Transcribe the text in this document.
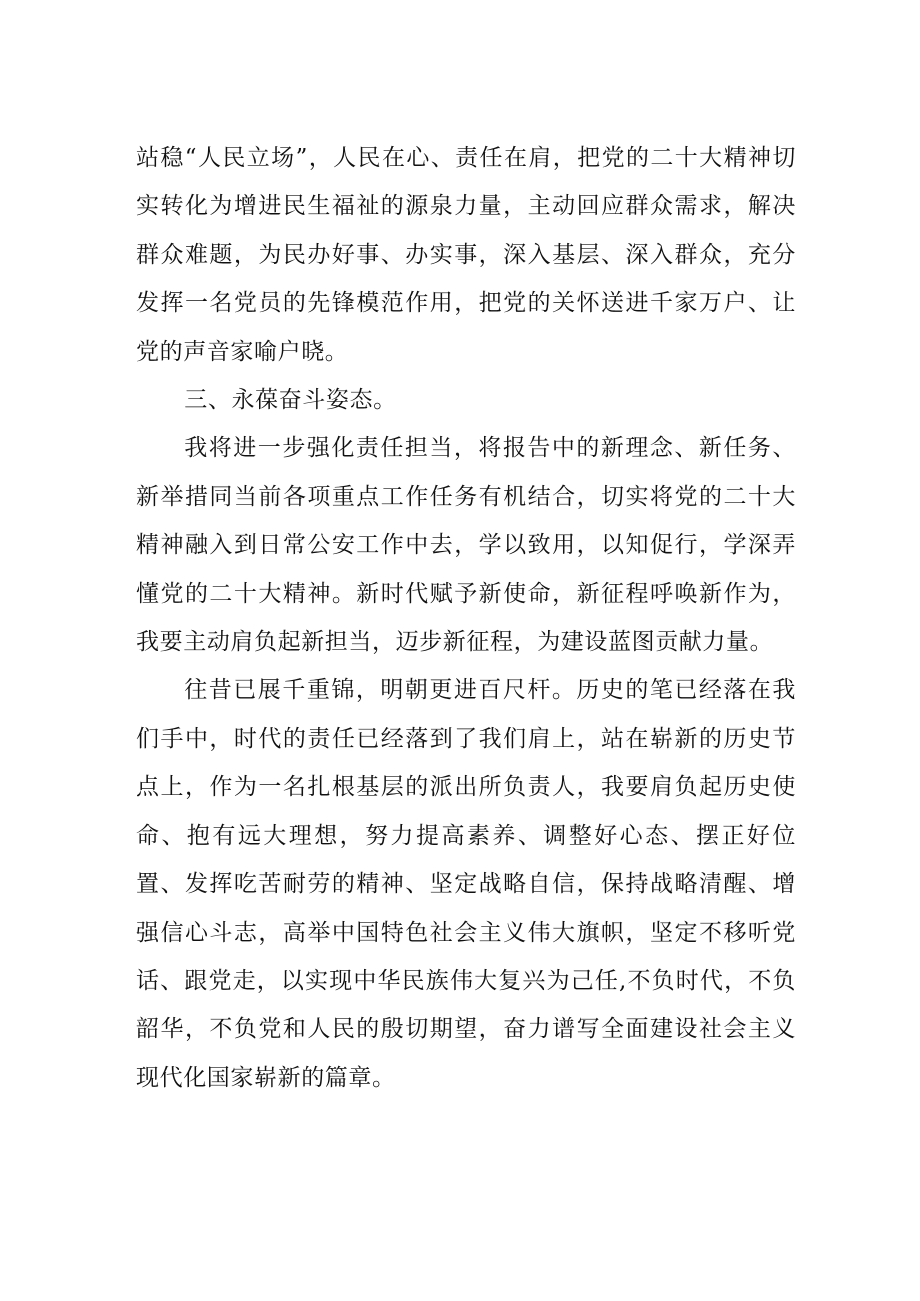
站稳“人民立场”，人民在心、责任在肩，把党的二十大精神切实转化为增进民生福祉的源泉力量，主动回应群众需求，解决群众难题，为民办好事、办实事，深入基层、深入群众，充分发挥一名党员的先锋模范作用，把党的关怀送进千家万户、让党的声音家喻户晓。

三、永葆奋斗姿态。

我将进一步强化责任担当，将报告中的新理念、新任务、新举措同当前各项重点工作任务有机结合，切实将党的二十大精神融入到日常公安工作中去，学以致用，以知促行，学深弄懂党的二十大精神。新时代赋予新使命，新征程呼唤新作为，我要主动肩负起新担当，迈步新征程，为建设蓝图贡献力量。

往昔已展千重锦，明朝更进百尺杆。历史的笔已经落在我们手中，时代的责任已经落到了我们肩上，站在崭新的历史节点上，作为一名扎根基层的派出所负责人，我要肩负起历史使命、抱有远大理想，努力提高素养、调整好心态、摆正好位置、发挥吃苦耐劳的精神、坚定战略自信，保持战略清醒、增强信心斗志，高举中国特色社会主义伟大旗帜，坚定不移听党话、跟党走，以实现中华民族伟大复兴为己任,不负时代，不负韶华，不负党和人民的殷切期望，奋力谱写全面建设社会主义现代化国家崭新的篇章。
